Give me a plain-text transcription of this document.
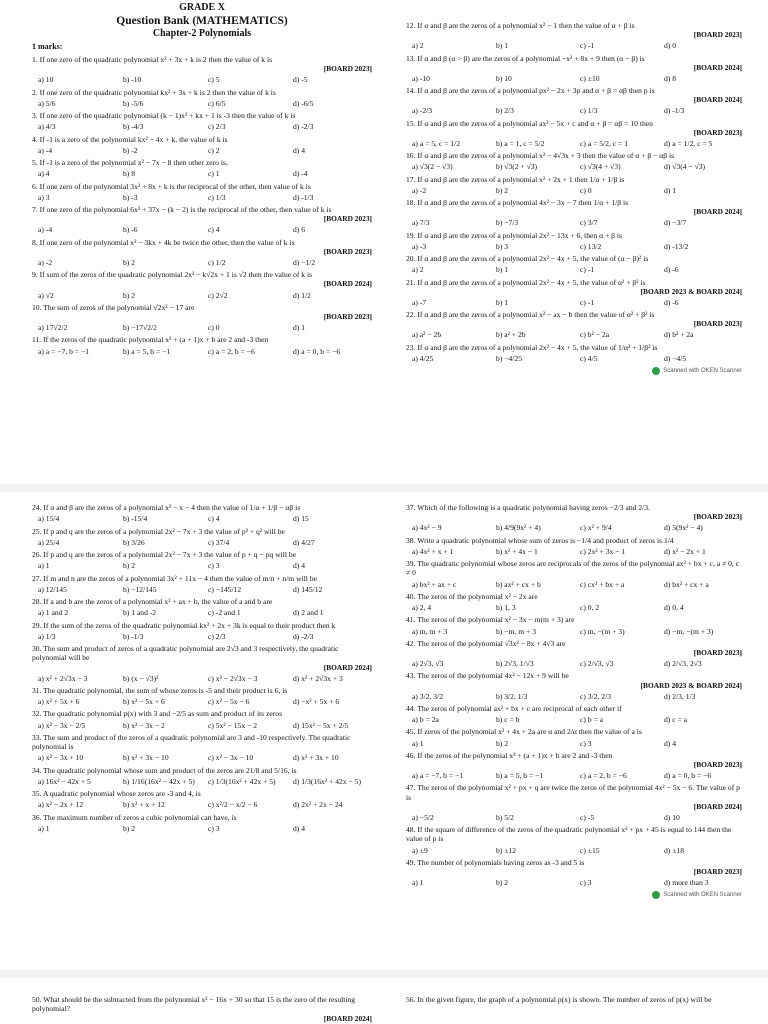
GRADE X
Question Bank (MATHEMATICS)
Chapter-2 Polynomials
1 marks:
1. If one zero of the quadratic polynomial x² + 3x + k is 2 then the value of k is
[BOARD 2023]
a) 10	b) -10	c) 5	d) -5
2. If one zero of the quadratic polynomial kx² + 3x + k is 2 then the value of k is
a) 5/6	b) -5/6	c) 6/5	d) -6/5
3. If one zero of the quadratic polynomial (k − 1)x² + kx + 1 is -3 then the value of k is
a) 4/3	b) -4/3	c) 2/3	d) -2/3
4. If -1 is a zero of the polynomial kx² − 4x + k, the value of k is
a) -4	b) -2	c) 2	d) 4
5. If -1 is a zero of the polynomial x² − 7x − 8 then other zero is,
a) 4	b) 8	c) 1	d) -4
6. If one zero of the polynomial 3x² + 8x + k is the reciprocal of the other, then value of k is
a) 3	b) -3	c) 1/3	d) -1/3
7. If one zero of the polynomial 6x² + 37x − (k − 2) is the reciprocal of the other, then value of k is
[BOARD 2023]
a) -4	b) -6	c) 4	d) 6
8. If one zero of the polynomial x² − 3kx + 4k be twice the other, then the value of k is
[BOARD 2023]
a) -2	b) 2	c) 1/2	d) −1/2
9. If sum of the zeros of the quadratic polynomial 2x² − k√2x + 1 is √2 then the value of k is
[BOARD 2024]
a) √2	b) 2	c) 2√2	d) 1/2
10. The sum of zeros of the polynomial √2x² − 17 are
[BOARD 2023]
a) 17√2/2	b) −17√2/2	c) 0	d) 1
11. If the zeros of the quadratic polynomial x² + (a + 1)x + b are 2 and -3 then
a) a = −7, b = −1	b) a = 5, b = −1	c) a = 2, b = −6	d) a = 0, b = −6
12. If α and β are the zeros of a polynomial x² − 1 then the value of α + β is
[BOARD 2023]
a) 2	b) 1	c) -1	d) 0
13. If α and β (α > β) are the zeros of a polynomial −x² + 8x + 9 then (α − β) is
[BOARD 2024]
a) -10	b) 10	c) ±10	d) 8
14. If α and β are the zeros of a polynomial px² − 2x + 3p and α + β = αβ then p is
[BOARD 2024]
a) -2/3	b) 2/3	c) 1/3	d) -1/3
15. If α and β are the zeros of a polynomial ax² − 5x + c and α + β = αβ = 10 then
[BOARD 2023]
a) a = 5, c = 1/2	b) a = 1, c = 5/2	c) a = 5/2, c = 1	d) a = 1/2, c = 5
16. If α and β are the zeros of a polynomial x² − 4√3x + 3 then the value of α + β − αβ is
a) √3(2 − √3)	b) √3(2 + √3)	c) √3(4 + √3)	d) √3(4 − √3)
17. If α and β are the zeros of a polynomial x² + 2x + 1 then 1/α + 1/β is
a) -2	b) 2	c) 0	d) 1
18. If α and β are the zeros of a polynomial 4x² − 3x − 7 then 1/α + 1/β is
[BOARD 2024]
a) 7/3	b) −7/3	c) 3/7	d) −3/7
19. If α and β are the zeros of a polynomial 2x² − 13x + 6, then α + β is
a) -3	b) 3	c) 13/2	d) -13/2
20. If α and β are the zeros of a polynomial 2x² − 4x + 5, the value of (α − β)² is
a) 2	b) 1	c) -1	d) -6
21. If α and β are the zeros of a polynomial 2x² − 4x + 5, the value of α² + β² is
[BOARD 2023 & BOARD 2024]
a) -7	b) 1	c) -1	d) -6
22. If α and β are the zeros of a polynomial x² − ax − b then the value of α² + β² is
[BOARD 2023]
a) a² − 2b	b) a² + 2b	c) b² − 2a	d) b² + 2a
23. If α and β are the zeros of a polynomial 2x² − 4x + 5, the value of 1/α² + 1/β² is
a) 4/25	b) −4/25	c) 4/5	d) −4/5
Scanned with OKEN Scanner
24. If α and β are the zeros of a polynomial x² − x − 4 then the value of 1/α + 1/β − αβ is
a) 15/4	b) -15/4	c) 4	d) 15
25. If p and q are the zeros of a polynomial 2x² − 7x + 3 the value of p² + q² will be
a) 25/4	b) 3/26	c) 37/4	d) 4/27
26. If p and q are the zeros of a polynomial 2x² − 7x + 3 the value of p + q − pq will be
a) 1	b) 2	c) 3	d) 4
27. If m and n are the zeros of a polynomial 3x² + 11x − 4 then the value of m/n + n/m will be
a) 12/145	b) −12/145	c) −145/12	d) 145/12
28. If a and b are the zeros of a polynomial x² + ax + b, the value of a and b are
a) 1 and 2	b) 1 and -2	c) -2 and 1	d) 2 and 1
29. If the sum of the zeros of the quadratic polynomial kx² + 2x + 3k is equal to their product then k
a) 1/3	b) -1/3	c) 2/3	d) -2/3
30. The sum and product of zeros of a quadratic polynomial are 2√3 and 3 respectively, the quadratic polynomial will be
[BOARD 2024]
a) x² + 2√3x − 3	b) (x − √3)²	c) x² − 2√3x − 3	d) x² + 2√3x + 3
31. The quadratic polynomial, the sum of whose zeros is -5 and their product is 6, is
a) x² + 5x + 6	b) x² − 5x + 6	c) x² − 5x − 6	d) −x² + 5x + 6
32. The quadratic polynomial p(x) with 3 and −2/5 as sum and product of its zeros
a) x² − 3x − 2/5	b) x² − 3x − 2	c) 5x² − 15x − 2	d) 15x² − 5x + 2/5
33. The sum and product of the zeros of a quadratic polynomial are 3 and -10 respectively. The quadratic polynomial is
a) x² − 3x + 10	b) x² + 3x − 10	c) x² − 3x − 10	d) x² + 3x + 10
34. The quadratic polynomial whose sum and product of the zeros are 21/8 and 5/16, is
a) 16x² − 42x + 5	b) 1/16(16x² − 42x + 5)	c) 1/3(16x² + 42x + 5)	d) 1/3(16x² + 42x − 5)
35. A quadratic polynomial whose zeros are -3 and 4, is
a) x² − 2x + 12	b) x² + x + 12	c) x²/2 − x/2 − 6	d) 2x² + 2x − 24
36. The maximum number of zeros a cubic polynomial can have, is
a) 1	b) 2	c) 3	d) 4
37. Which of the following is a quadratic polynomial having zeros −2/3 and 2/3.
[BOARD 2023]
a) 4x² − 9	b) 4/9(9x² + 4)	c) x² + 9/4	d) 5(9x² − 4)
38. Write a quadratic polynomial whose sum of zeros is −1/4 and product of zeros is 1/4
a) 4x² + x + 1	b) x² + 4x − 1	c) 2x² + 3x − 1	d) x² − 2x + 1
39. The quadratic polynomial whose zeros are reciprocals of the zeros of the polynomial ax² + bx + c, a ≠ 0, c ≠ 0
a) bx² + ax + c	b) ax² + cx + b	c) cx² + bx + a	d) bx² + cx + a
40. The zeros of the polynomial x² − 2x are
a) 2, 4	b) 1, 3	c) 0, 2	d) 0, 4
41. The zeros of the polynomial x² − 3x − m(m + 3) are
a) m, m + 3	b) −m, m + 3	c) m, −(m + 3)	d) −m, −(m + 3)
42. The zeros of the polynomial √3x² − 8x + 4√3 are
[BOARD 2023]
a) 2√3, √3	b) 2√3, 1/√3	c) 2/√3, √3	d) 2/√3, 2√3
43. The zeros of the polynomial 4x² − 12x + 9 will be
[BOARD 2023 & BOARD 2024]
a) 3/2, 3/2	b) 3/2, 1/3	c) 3/2, 2/3	d) 2/3, 1/3
44. The zeros of polynomial ax² + bx + c are reciprocal of each other if
a) b = 2a	b) c = b	c) b = a	d) c = a
45. If zeros of the polynomial x² + 4x + 2a are α and 2/α then the value of a is
a) 1	b) 2	c) 3	d) 4
46. If the zeros of the polynomial x² + (a + 1)x + b are 2 and -3 then
[BOARD 2023]
a) a = −7, b = −1	b) a = 5, b = −1	c) a = 2, b = −6	d) a = 0, b = −6
47. The zeros of the polynomial x² + px + q are twice the zeros of the polynomial 4x² − 5x − 6. The value of p is
[BOARD 2024]
a) −5/2	b) 5/2	c) -5	d) 10
48. If the square of difference of the zeros of the quadratic polynomial x² + px + 45 is equal to 144 then the value of p is
a) ±9	b) ±12	c) ±15	d) ±18
49. The number of polynomials having zeros as -3 and 5 is
[BOARD 2023]
a) 1	b) 2	c) 3	d) more than 3
Scanned with OKEN Scanner
50. What should be the subtracted from the polynomial x² − 16x + 30 so that 15 is the zero of the resulting polynomial?
[BOARD 2024]
56. In the given figure, the graph of a polynomial p(x) is shown. The number of zeros of p(x) will be
